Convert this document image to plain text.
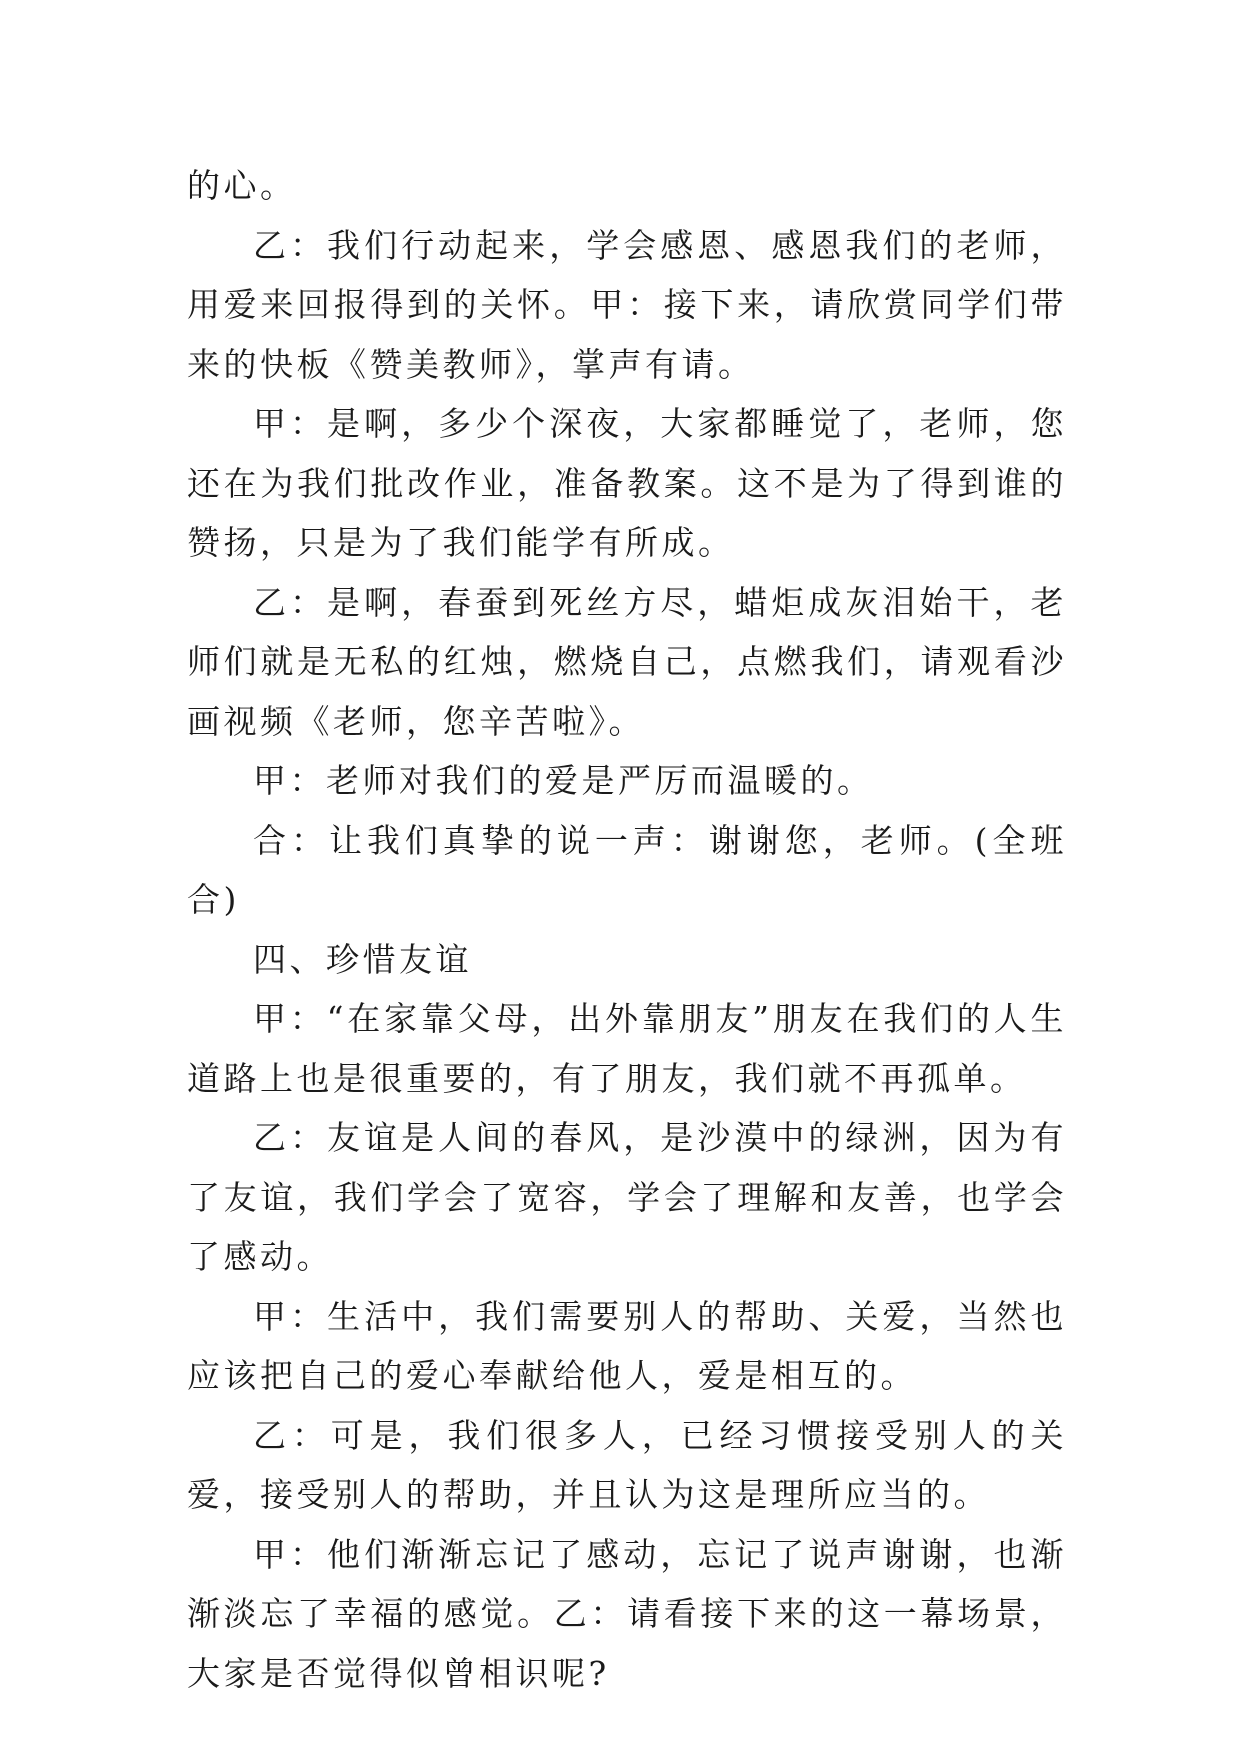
的心。

乙：我们行动起来，学会感恩、感恩我们的老师，用爱来回报得到的关怀。甲：接下来，请欣赏同学们带来的快板《赞美教师》，掌声有请。

甲：是啊，多少个深夜，大家都睡觉了，老师，您还在为我们批改作业，准备教案。这不是为了得到谁的赞扬，只是为了我们能学有所成。

乙：是啊，春蚕到死丝方尽，蜡炬成灰泪始干，老师们就是无私的红烛，燃烧自己，点燃我们，请观看沙画视频《老师，您辛苦啦》。

甲：老师对我们的爱是严厉而温暖的。

合：让我们真挚的说一声：谢谢您，老师。(全班合)

四、珍惜友谊

甲：“在家靠父母，出外靠朋友”朋友在我们的人生道路上也是很重要的，有了朋友，我们就不再孤单。

乙：友谊是人间的春风，是沙漠中的绿洲，因为有了友谊，我们学会了宽容，学会了理解和友善，也学会了感动。

甲：生活中，我们需要别人的帮助、关爱，当然也应该把自己的爱心奉献给他人，爱是相互的。

乙：可是，我们很多人，已经习惯接受别人的关爱，接受别人的帮助，并且认为这是理所应当的。

甲：他们渐渐忘记了感动，忘记了说声谢谢，也渐渐淡忘了幸福的感觉。乙：请看接下来的这一幕场景，大家是否觉得似曾相识呢?
